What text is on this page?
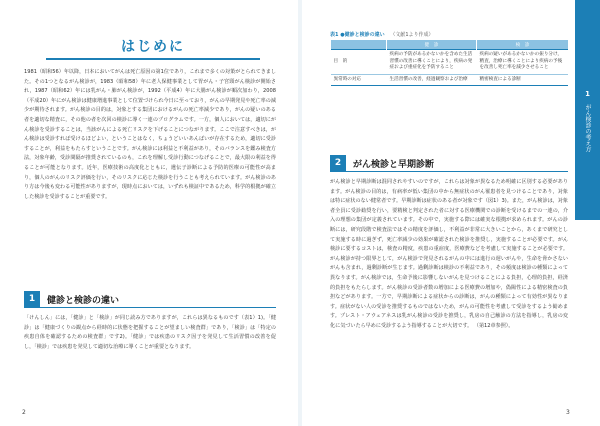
はじめに
1981（昭和56）年以降，日本においてがんは死亡原因の第1位であり，これまで多くの対策がとられてきました。その1つとなるがん検診が，1983（昭和58）年に老人保健事業として胃がん・子宮頸がん検診が開始され，1987（昭和62）年には乳がん・肺がん検診が，1992（平成4）年に大腸がん検診が順次加わり，2008（平成20）年にがん検診は健康増進事業として位置づけられ今日に至っており，がんの早期発見や死亡率の減少が期待されます。がん検診の目的は，対象とする集団におけるがんの死亡率減少であり，がんの疑いのある者を適切な精査に，その他の者を次回の検診に導く一連のプログラムです。一方，個人においては，適切にがん検診を受診することは，当該がんによる死亡リスクを下げることにつながります。ここで注意すべきは，がん検診は受診すれば受けるほどよい，ということはなく，ちょうどいいあんばいが存在するため，適切に受診することが，利益をもたらすということです。がん検診には利益と不利益があり，そのバランスを鑑み検査方法，対象年齢，受診間隔が推奨されているのも，これを理解し受診行動につなげることで，最大限の利益を得ることが可能となります。近年，医療技術の高度化とともに，遺伝子診断による予防的医療の可能性が高まり，個人のがんのリスク評価を行い，そのリスクに応じた検診を行うことも考えられています。がん検診のあり方は今後も変わる可能性がありますが，現時点においては，いずれも検証中であるため，科学的根拠が確立した検診を受診することが重要です。
1	健診と検診の違い
「けんしん」には，「健診」と「検診」が同じ読み方でありますが，これらは異なるものです（表1）1)。「健診」は「健康づくりの観点から経時的に状態を把握することが望ましい検査群」であり，「検診」は「特定の疾患自体を確認するための検査群」です2)。「健診」では疾患のリスク因子を発見して生活習慣の改善を促し，「検診」では疾患を発見して適切な治療に導くことが重要となります。
2
表1 ●健診と検診の違い （文献1より作成）
	健　診	検　診
目　的	疾病の予防があるかないかを含めた生活習慣の改善に導くことにより，疾病の発症および重症化を予防すること	疾病の疑いがあるかないかの振り分け，精査，治療に導くことにより疾病の予後を改善し死亡率を減少させること
異常時の対応	生活習慣の改善，経過観察および治療	精密検査による診断
2	がん検診と早期診断
がん検診と早期診断は混同されやすいのですが，これらは対象が異なるため明確に区別する必要があります。がん検診の目的は，有病率が低い集団の中から無症状のがん罹患者を見つけることであり，対象は特に症状のない健常者です。早期診断は症状のある者が対象です（図1）3)。また，がん検診は，対象者全員に受診勧奨を行い，要精検と判定された者に対する医療機関での診断を受けるまでの一連の，介入の理想の集団が定義されています。その中で，実施する際には確実な根拠が求められます。がんの診断には，研究段階で検査法ではその精度を評価し，不利益が非常に大きいことから，あくまで研究として実施する時に過ぎず，死亡率減少の効果が確認された検診を推奨し，実施することが必要です。がん検診に要するコストは，検査の精度，疾患の重症度，医療費などを考慮して実施することが必要です。がん検診が持つ限界として，がん検診で発見されるがんの中には進行の遅いがんや，生命を脅かさないがんも含まれ，過剰診断が生じます。過剰診断は検診の不利益であり，その頻度は検診の種類によって異なります。がん検診では，生命予後に影響しないがんを見つけることによる負担，心理的負担，経済的負担をもたらします。がん検診の受診者数の増加による医療費の増加や，偽陽性による精密検査の負担などがあります。一方で，早期診断による症状からの診断は，がんの種類によって有効性が異なります。症状がない人の受診を推奨するものではないため，がんの可能性を考慮して受診をするよう勧めます。プレスト・アウェアネスは乳がん検診の受診を推奨し，乳房の自己触診の方法を指導し，乳房の変化に気づいたら早めに受診するよう指導することが大切です。 （第12章参照）。
3
1
がん検診の考え方
